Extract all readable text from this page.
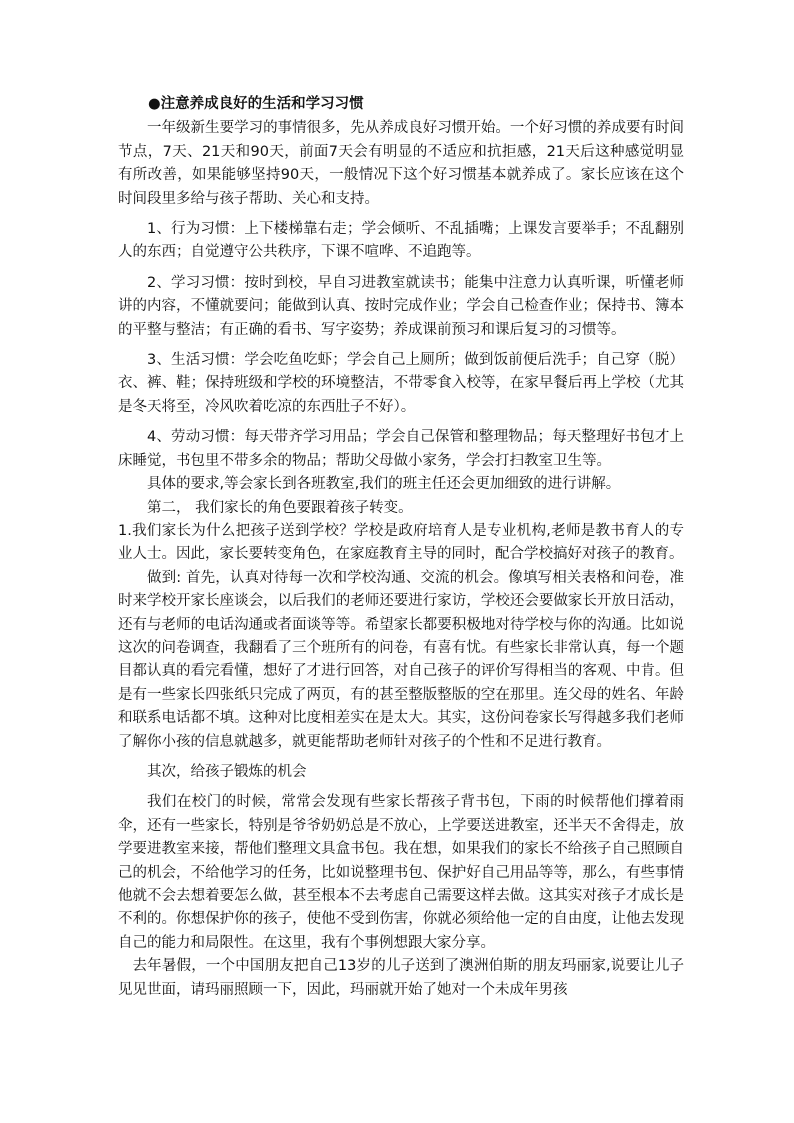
●注意养成良好的生活和学习习惯

一年级新生要学习的事情很多，先从养成良好习惯开始。一个好习惯的养成要有时间节点，7天、21天和90天，前面7天会有明显的不适应和抗拒感，21天后这种感觉明显有所改善，如果能够坚持90天，一般情况下这个好习惯基本就养成了。家长应该在这个时间段里多给与孩子帮助、关心和支持。

1、行为习惯：上下楼梯靠右走；学会倾听、不乱插嘴；上课发言要举手；不乱翻别人的东西；自觉遵守公共秩序，下课不喧哗、不追跑等。

2、学习习惯：按时到校，早自习进教室就读书；能集中注意力认真听课，听懂老师讲的内容，不懂就要问；能做到认真、按时完成作业；学会自己检查作业；保持书、簿本的平整与整洁；有正确的看书、写字姿势；养成课前预习和课后复习的习惯等。

3、生活习惯：学会吃鱼吃虾；学会自己上厕所；做到饭前便后洗手；自己穿（脱）衣、裤、鞋；保持班级和学校的环境整洁，不带零食入校等，在家早餐后再上学校（尤其是冬天将至，冷风吹着吃凉的东西肚子不好）。

4、劳动习惯：每天带齐学习用品；学会自己保管和整理物品；每天整理好书包才上床睡觉，书包里不带多余的物品；帮助父母做小家务，学会打扫教室卫生等。

具体的要求,等会家长到各班教室,我们的班主任还会更加细致的进行讲解。

第二， 我们家长的角色要跟着孩子转变。

1.我们家长为什么把孩子送到学校？学校是政府培育人是专业机构,老师是教书育人的专业人士。因此，家长要转变角色，在家庭教育主导的同时，配合学校搞好对孩子的教育。

做到: 首先，认真对待每一次和学校沟通、交流的机会。像填写相关表格和问卷，准时来学校开家长座谈会，以后我们的老师还要进行家访，学校还会要做家长开放日活动，还有与老师的电话沟通或者面谈等等。希望家长都要积极地对待学校与你的沟通。比如说这次的问卷调查，我翻看了三个班所有的问卷，有喜有忧。有些家长非常认真，每一个题目都认真的看完看懂，想好了才进行回答，对自己孩子的评价写得相当的客观、中肯。但是有一些家长四张纸只完成了两页，有的甚至整版整版的空在那里。连父母的姓名、年龄和联系电话都不填。这种对比度相差实在是太大。其实，这份问卷家长写得越多我们老师了解你小孩的信息就越多，就更能帮助老师针对孩子的个性和不足进行教育。

其次，给孩子锻炼的机会

我们在校门的时候，常常会发现有些家长帮孩子背书包，下雨的时候帮他们撑着雨伞，还有一些家长，特别是爷爷奶奶总是不放心，上学要送进教室，还半天不舍得走，放学要进教室来接，帮他们整理文具盒书包。我在想，如果我们的家长不给孩子自己照顾自己的机会，不给他学习的任务，比如说整理书包、保护好自己用品等等，那么，有些事情他就不会去想着要怎么做，甚至根本不去考虑自己需要这样去做。这其实对孩子才成长是不利的。你想保护你的孩子，使他不受到伤害，你就必须给他一定的自由度，让他去发现自己的能力和局限性。在这里，我有个事例想跟大家分享。

去年暑假，一个中国朋友把自己13岁的儿子送到了澳洲伯斯的朋友玛丽家,说要让儿子见见世面，请玛丽照顾一下，因此，玛丽就开始了她对一个未成年男孩
